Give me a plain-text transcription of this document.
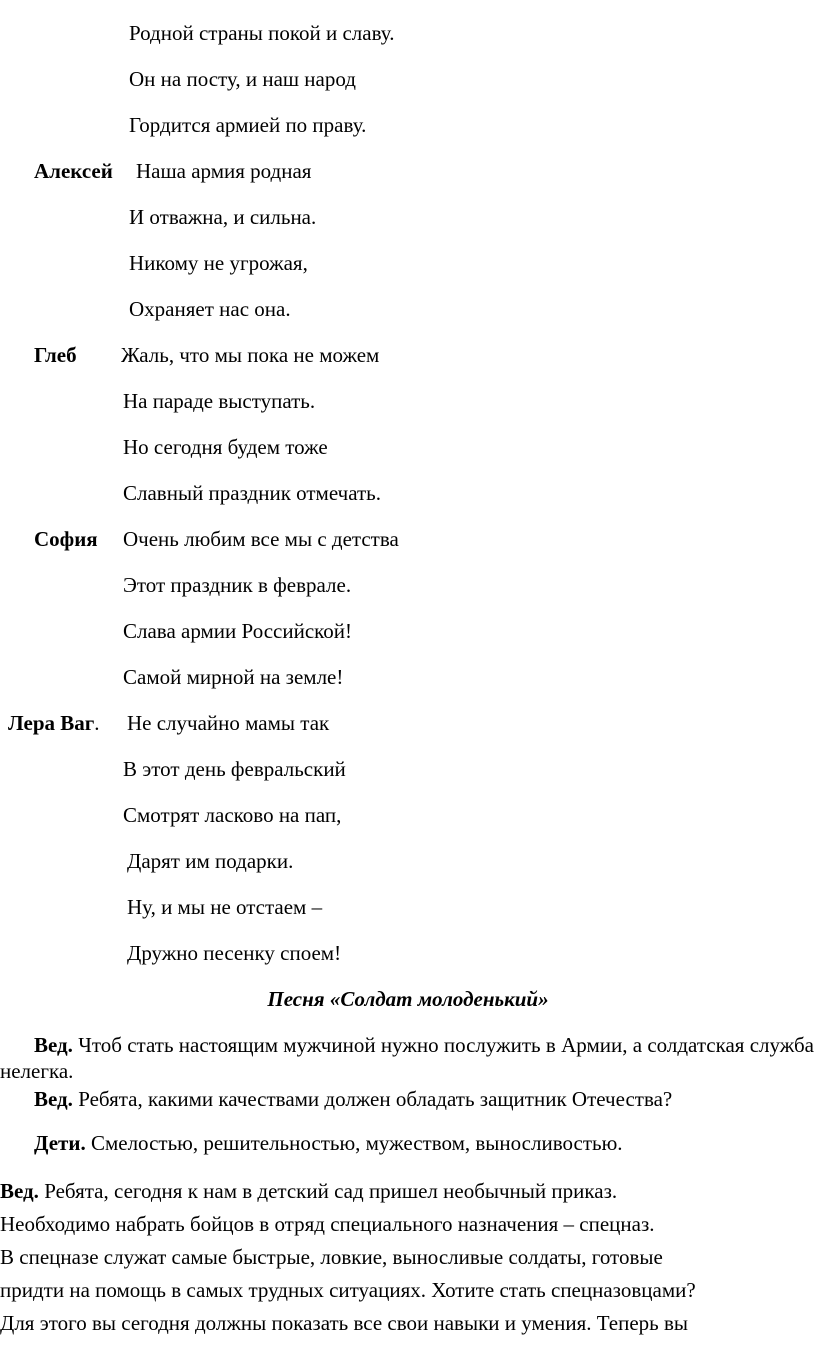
Родной страны покой и славу.
Он на посту, и наш народ
Гордится армией по праву.
Алексей Наша армия родная
И отважна, и сильна.
Никому не угрожая,
Охраняет нас она.
Глеб Жаль, что мы пока не можем
На параде выступать.
Но сегодня будем тоже
Славный праздник отмечать.
София Очень любим все мы с детства
Этот праздник в феврале.
Слава армии Российской!
Самой мирной на земле!
Лера Ваг. Не случайно мамы так
В этот день февральский
Смотрят ласково на пап,
Дарят им подарки.
Ну, и мы не отстаем –
Дружно песенку споем!
Песня «Солдат молоденький»
Вед. Чтоб стать настоящим мужчиной нужно послужить в Армии, а солдатская служба нелегка.
Вед. Ребята, какими качествами должен обладать защитник Отечества?
Дети. Смелостью, решительностью, мужеством, выносливостью.
Вед. Ребята, сегодня к нам в детский сад пришел необычный приказ.
Необходимо набрать бойцов в отряд специального назначения – спецназ.
В спецназе служат самые быстрые, ловкие, выносливые солдаты, готовые
придти на помощь в самых трудных ситуациях. Хотите стать спецназовцами?
Для этого вы сегодня должны показать все свои навыки и умения. Теперь вы
